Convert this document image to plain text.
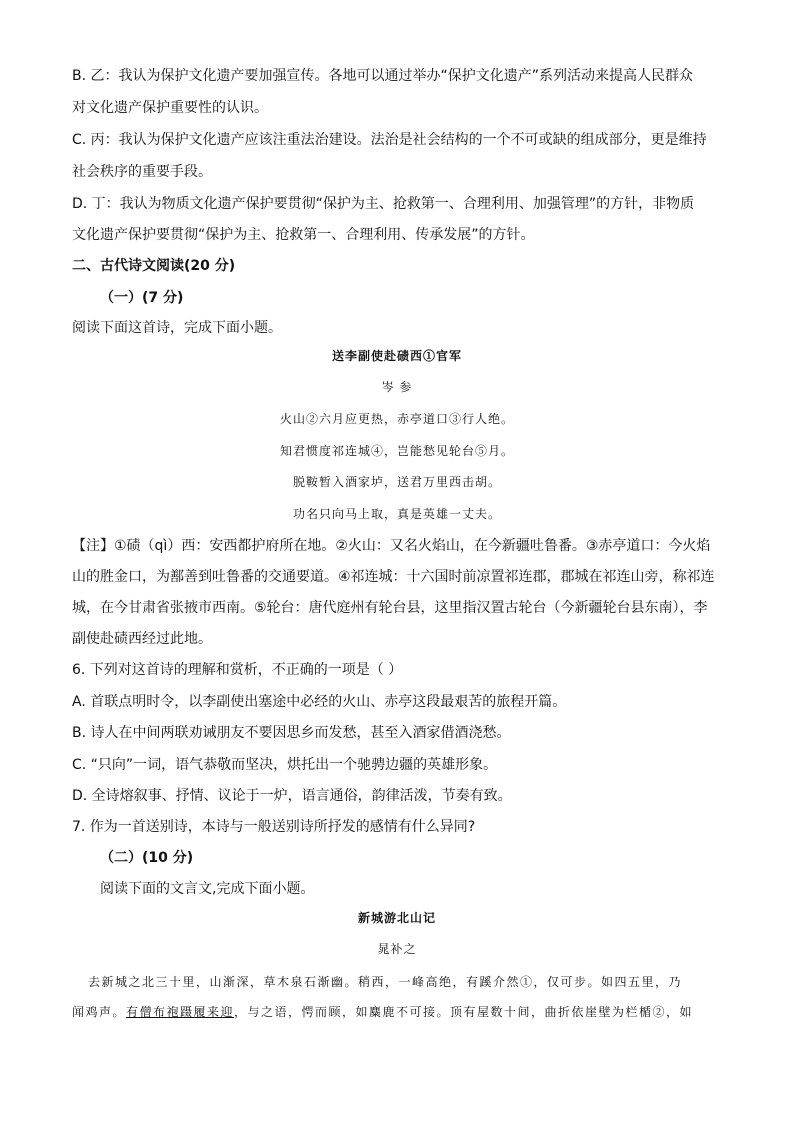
B. 乙：我认为保护文化遗产要加强宣传。各地可以通过举办“保护文化遗产”系列活动来提高人民群众
对文化遗产保护重要性的认识。
C. 丙：我认为保护文化遗产应该注重法治建设。法治是社会结构的一个不可或缺的组成部分，更是维持
社会秩序的重要手段。
D. 丁：我认为物质文化遗产保护要贯彻“保护为主、抢救第一、合理利用、加强管理”的方针，非物质
文化遗产保护要贯彻“保护为主、抢救第一、合理利用、传承发展”的方针。
二、古代诗文阅读(20 分)
（一）(7 分)
阅读下面这首诗，完成下面小题。
送李副使赴碛西①官军
岑 参
火山②六月应更热，赤亭道口③行人绝。
知君惯度祁连城④，岂能愁见轮台⑤月。
脱鞍暂入酒家垆，送君万里西击胡。
功名只向马上取，真是英雄一丈夫。
【注】①碛（qì）西：安西都护府所在地。②火山：又名火焰山，在今新疆吐鲁番。③赤亭道口：今火焰
山的胜金口，为鄯善到吐鲁番的交通要道。④祁连城：十六国时前凉置祁连郡，郡城在祁连山旁，称祁连
城，在今甘肃省张掖市西南。⑤轮台：唐代庭州有轮台县，这里指汉置古轮台（今新疆轮台县东南），李
副使赴碛西经过此地。
6. 下列对这首诗的理解和赏析，不正确的一项是（ ）
A. 首联点明时令，以李副使出塞途中必经的火山、赤亭这段最艰苦的旅程开篇。
B. 诗人在中间两联劝诫朋友不要因思乡而发愁，甚至入酒家借酒浇愁。
C. “只向”一词，语气恭敬而坚决，烘托出一个驰骋边疆的英雄形象。
D. 全诗熔叙事、抒情、议论于一炉，语言通俗，韵律活泼，节奏有致。
7. 作为一首送别诗，本诗与一般送别诗所抒发的感情有什么异同?
（二）(10 分)
阅读下面的文言文,完成下面小题。
新城游北山记
晁补之
去新城之北三十里，山渐深，草木泉石渐幽。稍西，一峰高绝，有蹊介然①，仅可步。如四五里，乃
闻鸡声。有僧布袍蹑履来迎，与之语，愕而顾，如麋鹿不可接。顶有屋数十间，曲折依崖壁为栏楯②，如
